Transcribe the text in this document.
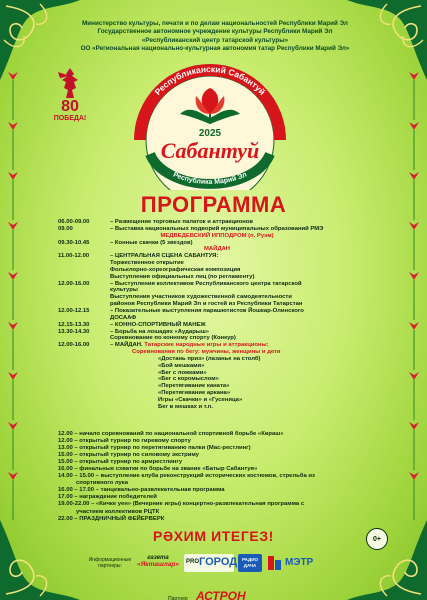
Министерство культуры, печати и по делам национальностей Республики Марий Эл
Государственное автономное учреждение культуры Республики Марий Эл
«Республиканский центр татарской культуры»
ОО «Региональная национально-культурная автономия татар Республики Марий Эл»
80
ПОБЕДА!
Республиканский Сабантуй
2025
Сабантуй
Республика Марий Эл
ПРОГРАММА
06.00-09.00	– Размещение торговых палаток и аттракционов
09.00	– Выставка национальных подворий муниципальных образований РМЭ
МЕДВЕДЕВСКИЙ ИППОДРОМ (п. Руэм)
09.30-10.45	– Конные скачки (5 звездов)
МАЙДАН
11.00-12.00	– ЦЕНТРАЛЬНАЯ СЦЕНА САБАНТУЯ:
Торжественное открытие
Фольклорно-хореографическая композиция
Выступления официальных лиц (по регламенту)
12.00-16.00	– Выступления коллективов Республиканского центра татарской
культуры
Выступления участников художественной самодеятельности
районов Республики Марий Эл и гостей из Республики Татарстан
12.00-12.15	– Показательные выступления парашютистов Йошкар-Олинского
ДОСААФ
12.15-13.30	– КОННО-СПОРТИВНЫЙ МАНЕЖ
13.30-14.30	– Борьба на лошадях «Аударыш»
Соревнование по конному спорту (Конкур)
12.00-16.00	– МАЙДАН. Татарские народные игры и аттракционы:
Соревнования по бегу: мужчины, женщины и дети
«Достань приз» (лазанье на столб)
«Бой мешками»
«Бег с ложками»
«Бег с коромыслом»
«Перетягивание каната»
«Перетягивание аркана»
Игры «Скачки» и «Гусеница»
Бег в мешках и т.п.
12.00 – начало соревнований по национальной спортивной борьбе «Көраш»
12.00 – открытый турнир по гиревому спорту
13.00 – открытый турнир по перетягиванию палки (Мас-рестлинг)
15.00 – открытый турнир по силовому экстриму
15.00 – открытый турнир по армрестлингу
16.00 – финальные схватки по борьбе на звание «Батыр Сабантуя»
14.00 – 15.00 – выступление клуба реконструкций исторических костюмов, стрельба из
спортивного лука
16.00 – 17.00 – танцевально-развлекательная программа
17.00 – награждение победителей
19.00-22.00 – «Кичке уен» (Вечерние игры) концертно-развлекательная программа с
участием коллективов РЦТК
22.00 – ПРАЗДНИЧНЫЙ ФЕЙЕРВЕРК
РӘХИМ ИТЕГЕЗ!	0+
Информационные партнеры:
газета
«Якташлар» PRO ГОРОД	РАДИО ДАЧА	МЭТР
Партнер АСТРОН
